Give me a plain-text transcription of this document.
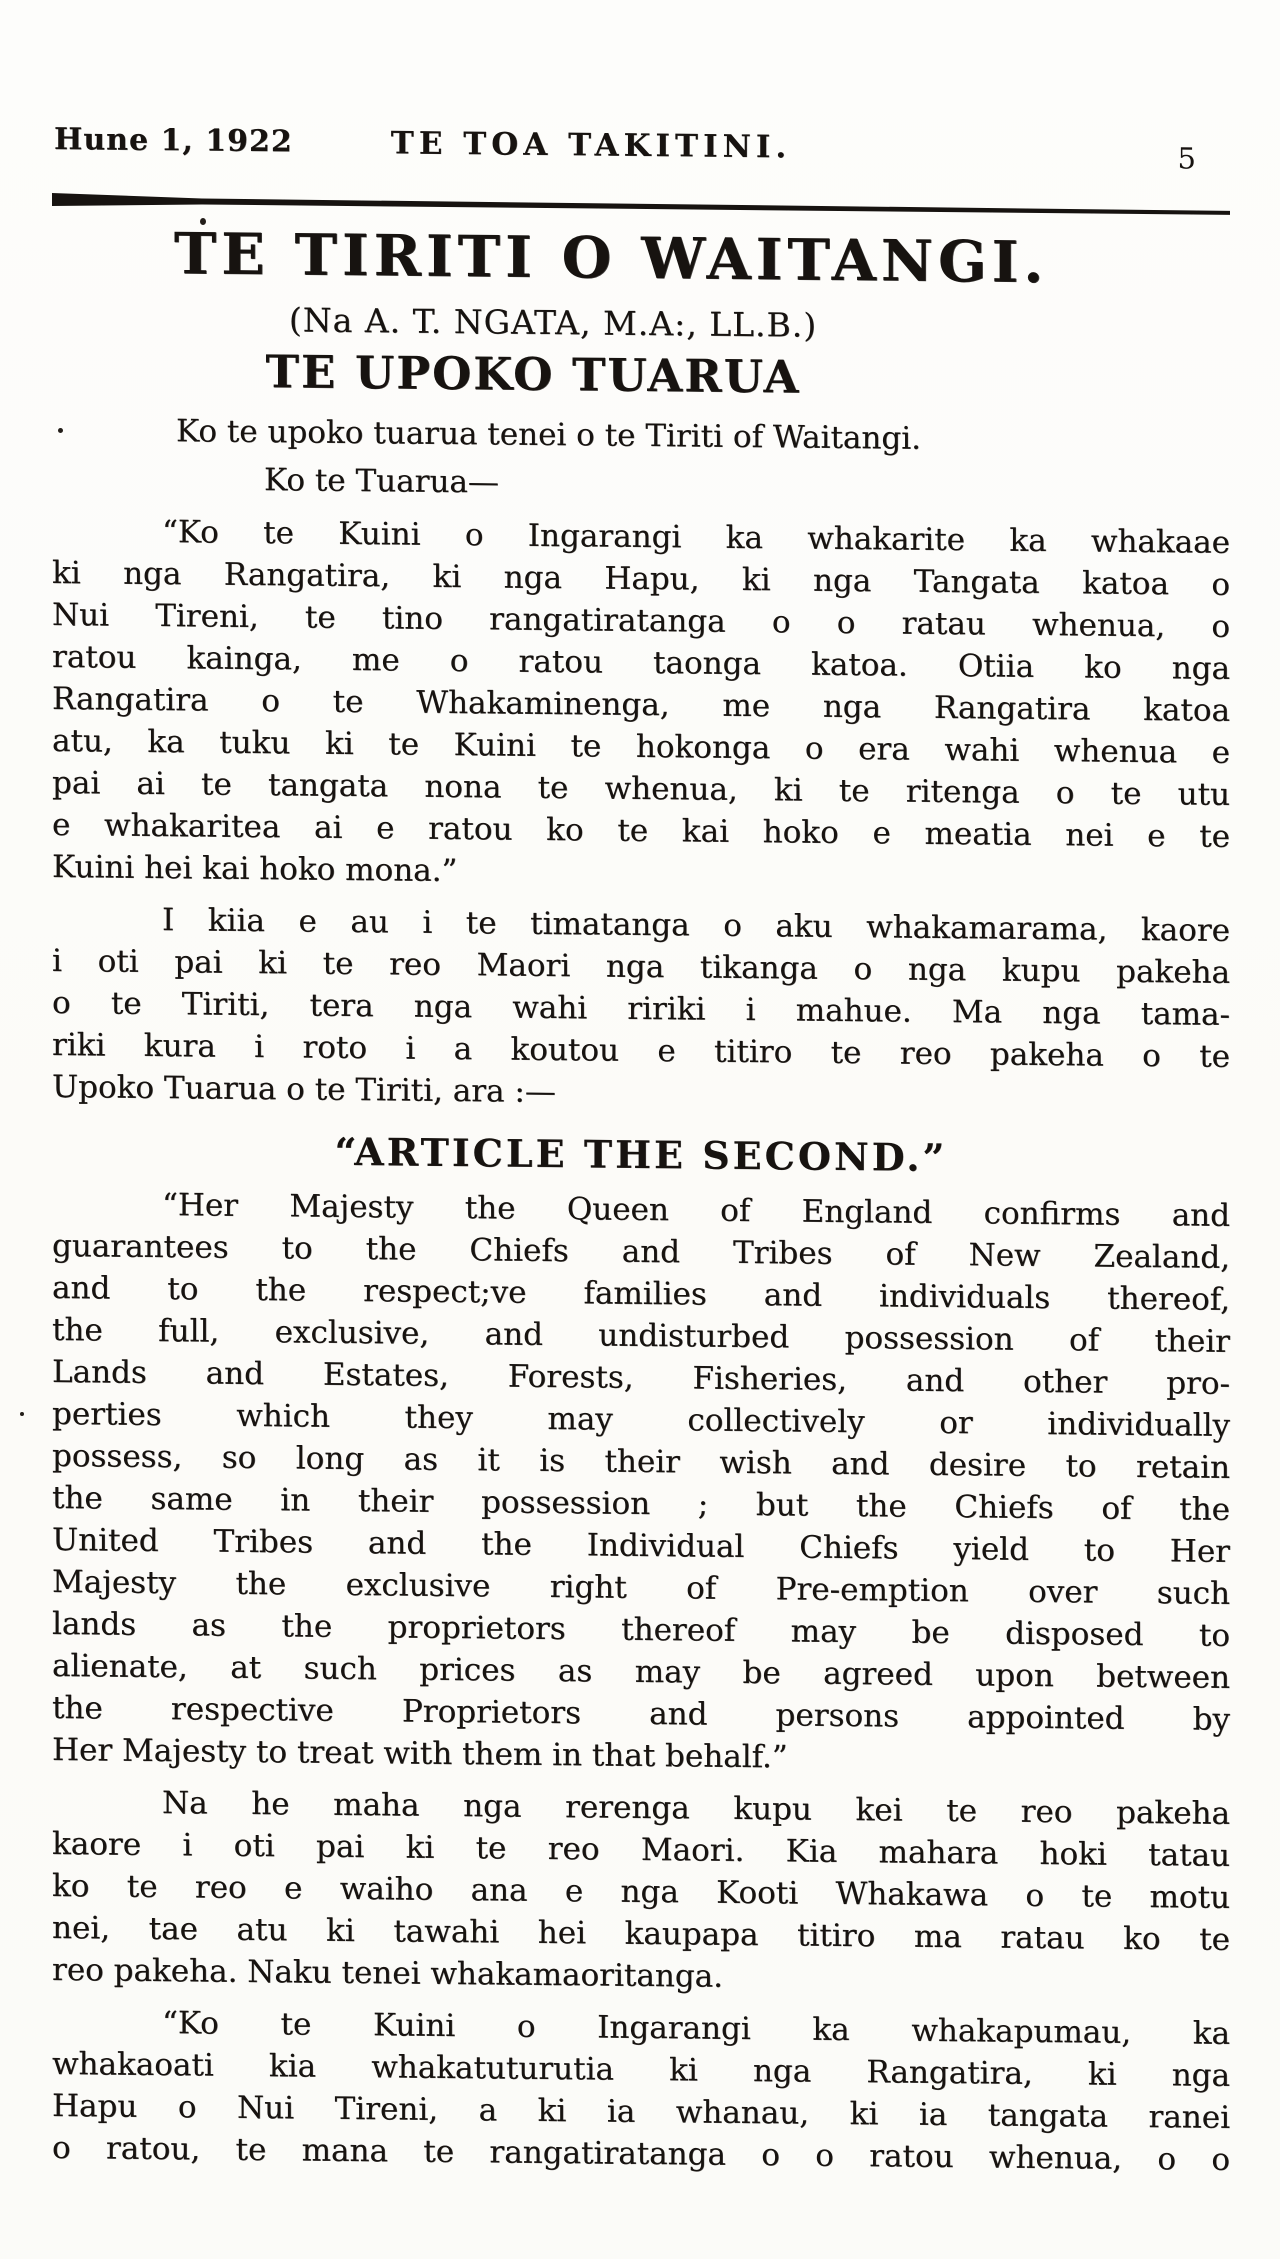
Hune 1, 1922	TE TOA TAKITINI.	5
TE TIRITI O WAITANGI.
(Na A. T. NGATA, M.A:, LL.B.)
TE UPOKO TUARUA
Ko te upoko tuarua tenei o te Tiriti of Waitangi.
Ko te Tuarua—
“Ko te Kuini o Ingarangi ka whakarite ka whakaae
ki nga Rangatira, ki nga Hapu, ki nga Tangata katoa o
Nui Tireni, te tino rangatiratanga o o ratau whenua, o
ratou kainga, me o ratou taonga katoa. Otiia ko nga
Rangatira o te Whakaminenga, me nga Rangatira katoa
atu, ka tuku ki te Kuini te hokonga o era wahi whenua e
pai ai te tangata nona te whenua, ki te ritenga o te utu
e whakaritea ai e ratou ko te kai hoko e meatia nei e te
Kuini hei kai hoko mona.”
I kiia e au i te timatanga o aku whakamarama, kaore
i oti pai ki te reo Maori nga tikanga o nga kupu pakeha
o te Tiriti, tera nga wahi ririki i mahue. Ma nga tama-
riki kura i roto i a koutou e titiro te reo pakeha o te
Upoko Tuarua o te Tiriti, ara :—
“ARTICLE THE SECOND.”
“Her Majesty the Queen of England confirms and
guarantees to the Chiefs and Tribes of New Zealand,
and to the respect;ve families and individuals thereof,
the full, exclusive, and undisturbed possession of their
Lands and Estates, Forests, Fisheries, and other pro-
perties which they may collectively or individually
possess, so long as it is their wish and desire to retain
the same in their possession ; but the Chiefs of the
United Tribes and the Individual Chiefs yield to Her
Majesty the exclusive right of Pre-emption over such
lands as the proprietors thereof may be disposed to
alienate, at such prices as may be agreed upon between
the respective Proprietors and persons appointed by
Her Majesty to treat with them in that behalf.”
Na he maha nga rerenga kupu kei te reo pakeha
kaore i oti pai ki te reo Maori. Kia mahara hoki tatau
ko te reo e waiho ana e nga Kooti Whakawa o te motu
nei, tae atu ki tawahi hei kaupapa titiro ma ratau ko te
reo pakeha. Naku tenei whakamaoritanga.
“Ko te Kuini o Ingarangi ka whakapumau, ka
whakaoati kia whakatuturutia ki nga Rangatira, ki nga
Hapu o Nui Tireni, a ki ia whanau, ki ia tangata ranei
o ratou, te mana te rangatiratanga o o ratou whenua, o o
